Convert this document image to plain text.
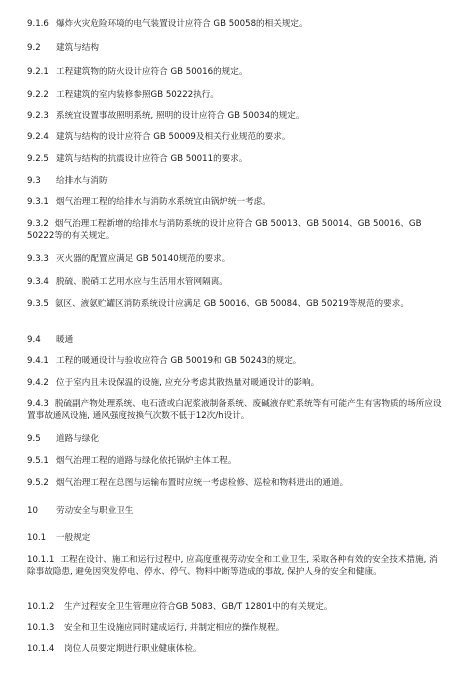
9.1.6 爆炸火灾危险环境的电气装置设计应符合 GB 50058的相关规定。
9.2 建筑与结构
9.2.1 工程建筑物的防火设计应符合 GB 50016的规定。
9.2.2 工程建筑的室内装修参照GB 50222执行。
9.2.3 系统宜设置事故照明系统, 照明的设计应符合 GB 50034的规定。
9.2.4 建筑与结构的设计应符合 GB 50009及相关行业规范的要求。
9.2.5 建筑与结构的抗震设计应符合 GB 50011的要求。
9.3 给排水与消防
9.3.1 烟气治理工程的给排水与消防水系统宜由锅炉统一考虑。
9.3.2 烟气治理工程新增的给排水与消防系统的设计应符合 GB 50013、GB 50014、GB 50016、GB 50222等的有关规定。
9.3.3 灭火器的配置应满足 GB 50140规范的要求。
9.3.4 脱硫、脱硝工艺用水应与生活用水管网隔离。
9.3.5 氨区、液氨贮罐区消防系统设计应满足 GB 50016、GB 50084、GB 50219等规范的要求。
9.4 暖通
9.4.1 工程的暖通设计与验收应符合 GB 50019和 GB 50243的规定。
9.4.2 位于室内且未设保温的设施, 应充分考虑其散热量对暖通设计的影响。
9.4.3 脱硫副产物处理系统、电石渣或白泥浆液制备系统、废碱液存贮系统等有可能产生有害物质的场所应设置事故通风设施, 通风强度按换气次数不低于12次/h设计。
9.5 道路与绿化
9.5.1 烟气治理工程的道路与绿化依托锅炉主体工程。
9.5.2 烟气治理工程在总图与运输布置时应统一考虑检修、巡检和物料进出的通道。
10 劳动安全与职业卫生
10.1 一般规定
10.1.1 工程在设计、施工和运行过程中, 应高度重视劳动安全和工业卫生, 采取各种有效的安全技术措施, 消除事故隐患, 避免因突发停电、停水、停气、物料中断等造成的事故, 保护人身的安全和健康。
10.1.2 生产过程安全卫生管理应符合GB 5083、GB/T 12801中的有关规定。
10.1.3 安全和卫生设施应同时建成运行, 并制定相应的操作规程。
10.1.4 岗位人员要定期进行职业健康体检。
